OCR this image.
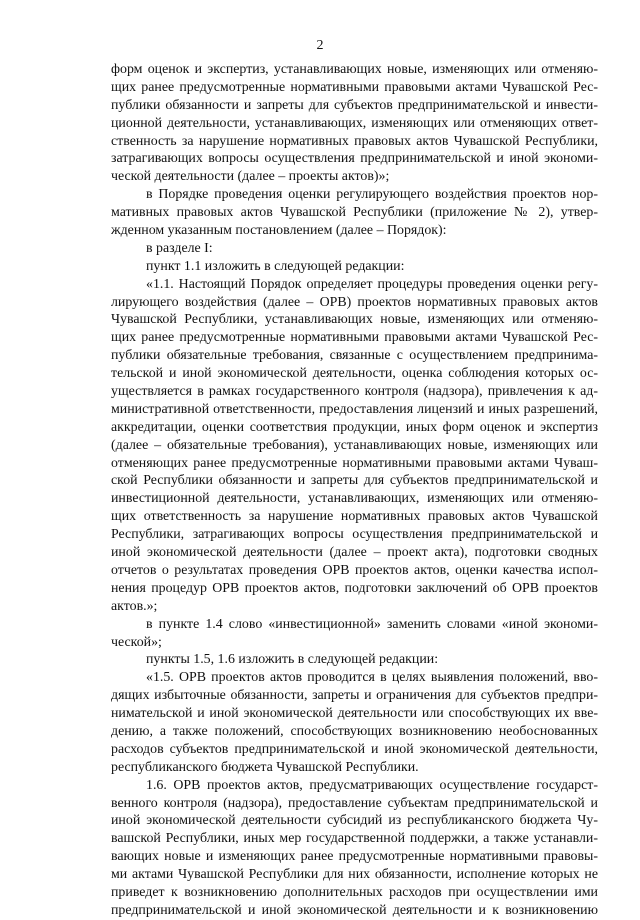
2
форм оценок и экспертиз, устанавливающих новые, изменяющих или отменяю-
щих ранее предусмотренные нормативными правовыми актами Чувашской Рес-
публики обязанности и запреты для субъектов предпринимательской и инвести-
ционной деятельности, устанавливающих, изменяющих или отменяющих ответ-
ственность за нарушение нормативных правовых актов Чувашской Республики,
затрагивающих вопросы осуществления предпринимательской и иной экономи-
ческой деятельности (далее – проекты актов)»;
в Порядке проведения оценки регулирующего воздействия проектов нор-
мативных правовых актов Чувашской Республики (приложение № 2), утвер-
жденном указанным постановлением (далее – Порядок):
в разделе I:
пункт 1.1 изложить в следующей редакции:
«1.1. Настоящий Порядок определяет процедуры проведения оценки регу-
лирующего воздействия (далее – ОРВ) проектов нормативных правовых актов
Чувашской Республики, устанавливающих новые, изменяющих или отменяю-
щих ранее предусмотренные нормативными правовыми актами Чувашской Рес-
публики обязательные требования, связанные с осуществлением предпринима-
тельской и иной экономической деятельности, оценка соблюдения которых ос-
уществляется в рамках государственного контроля (надзора), привлечения к ад-
министративной ответственности, предоставления лицензий и иных разрешений,
аккредитации, оценки соответствия продукции, иных форм оценок и экспертиз
(далее – обязательные требования), устанавливающих новые, изменяющих или
отменяющих ранее предусмотренные нормативными правовыми актами Чуваш-
ской Республики обязанности и запреты для субъектов предпринимательской и
инвестиционной деятельности, устанавливающих, изменяющих или отменяю-
щих ответственность за нарушение нормативных правовых актов Чувашской
Республики, затрагивающих вопросы осуществления предпринимательской и
иной экономической деятельности (далее – проект акта), подготовки сводных
отчетов о результатах проведения ОРВ проектов актов, оценки качества испол-
нения процедур ОРВ проектов актов, подготовки заключений об ОРВ проектов
актов.»;
в пункте 1.4 слово «инвестиционной» заменить словами «иной экономи-
ческой»;
пункты 1.5, 1.6 изложить в следующей редакции:
«1.5. ОРВ проектов актов проводится в целях выявления положений, вво-
дящих избыточные обязанности, запреты и ограничения для субъектов предпри-
нимательской и иной экономической деятельности или способствующих их вве-
дению, а также положений, способствующих возникновению необоснованных
расходов субъектов предпринимательской и иной экономической деятельности,
республиканского бюджета Чувашской Республики.
1.6. ОРВ проектов актов, предусматривающих осуществление государст-
венного контроля (надзора), предоставление субъектам предпринимательской и
иной экономической деятельности субсидий из республиканского бюджета Чу-
вашской Республики, иных мер государственной поддержки, а также устанавли-
вающих новые и изменяющих ранее предусмотренные нормативными правовы-
ми актами Чувашской Республики для них обязанности, исполнение которых не
приведет к возникновению дополнительных расходов при осуществлении ими
предпринимательской и иной экономической деятельности и к возникновению
